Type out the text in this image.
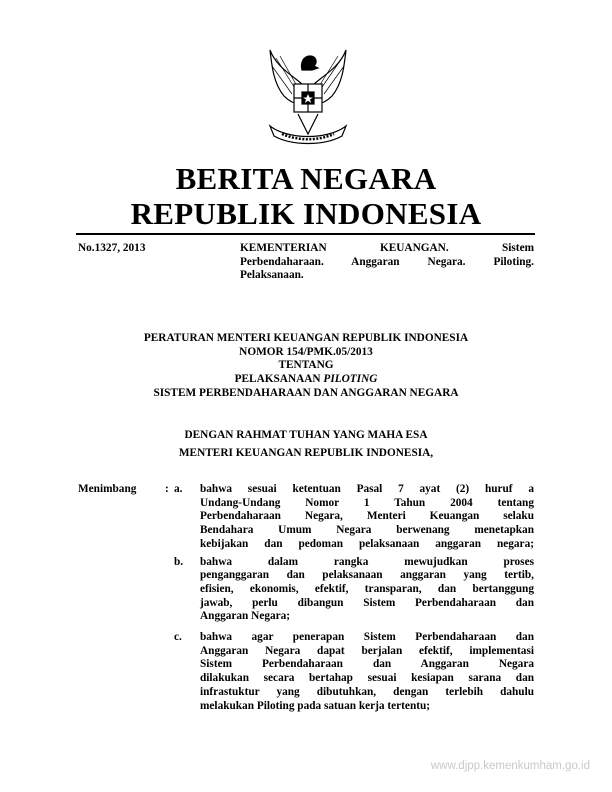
BERITA NEGARA
REPUBLIK INDONESIA
No.1327, 2013	KEMENTERIAN KEUANGAN. Sistem
Perbendaharaan. Anggaran Negara. Piloting.
Pelaksanaan.
PERATURAN MENTERI KEUANGAN REPUBLIK INDONESIA
NOMOR 154/PMK.05/2013
TENTANG
PELAKSANAAN PILOTING
SISTEM PERBENDAHARAAN DAN ANGGARAN NEGARA
DENGAN RAHMAT TUHAN YANG MAHA ESA
MENTERI KEUANGAN REPUBLIK INDONESIA,
Menimbang	: a.	bahwa sesuai ketentuan Pasal 7 ayat (2) huruf a
Undang-Undang Nomor 1 Tahun 2004 tentang
Perbendaharaan Negara, Menteri Keuangan selaku
Bendahara Umum Negara berwenang menetapkan
kebijakan dan pedoman pelaksanaan anggaran negara;
b.	bahwa dalam rangka mewujudkan proses
penganggaran dan pelaksanaan anggaran yang tertib,
efisien, ekonomis, efektif, transparan, dan bertanggung
jawab, perlu dibangun Sistem Perbendaharaan dan
Anggaran Negara;
c.	bahwa agar penerapan Sistem Perbendaharaan dan
Anggaran Negara dapat berjalan efektif, implementasi
Sistem Perbendaharaan dan Anggaran Negara
dilakukan secara bertahap sesuai kesiapan sarana dan
infrastuktur yang dibutuhkan, dengan terlebih dahulu
melakukan Piloting pada satuan kerja tertentu;
www.djpp.kemenkumham.go.id
